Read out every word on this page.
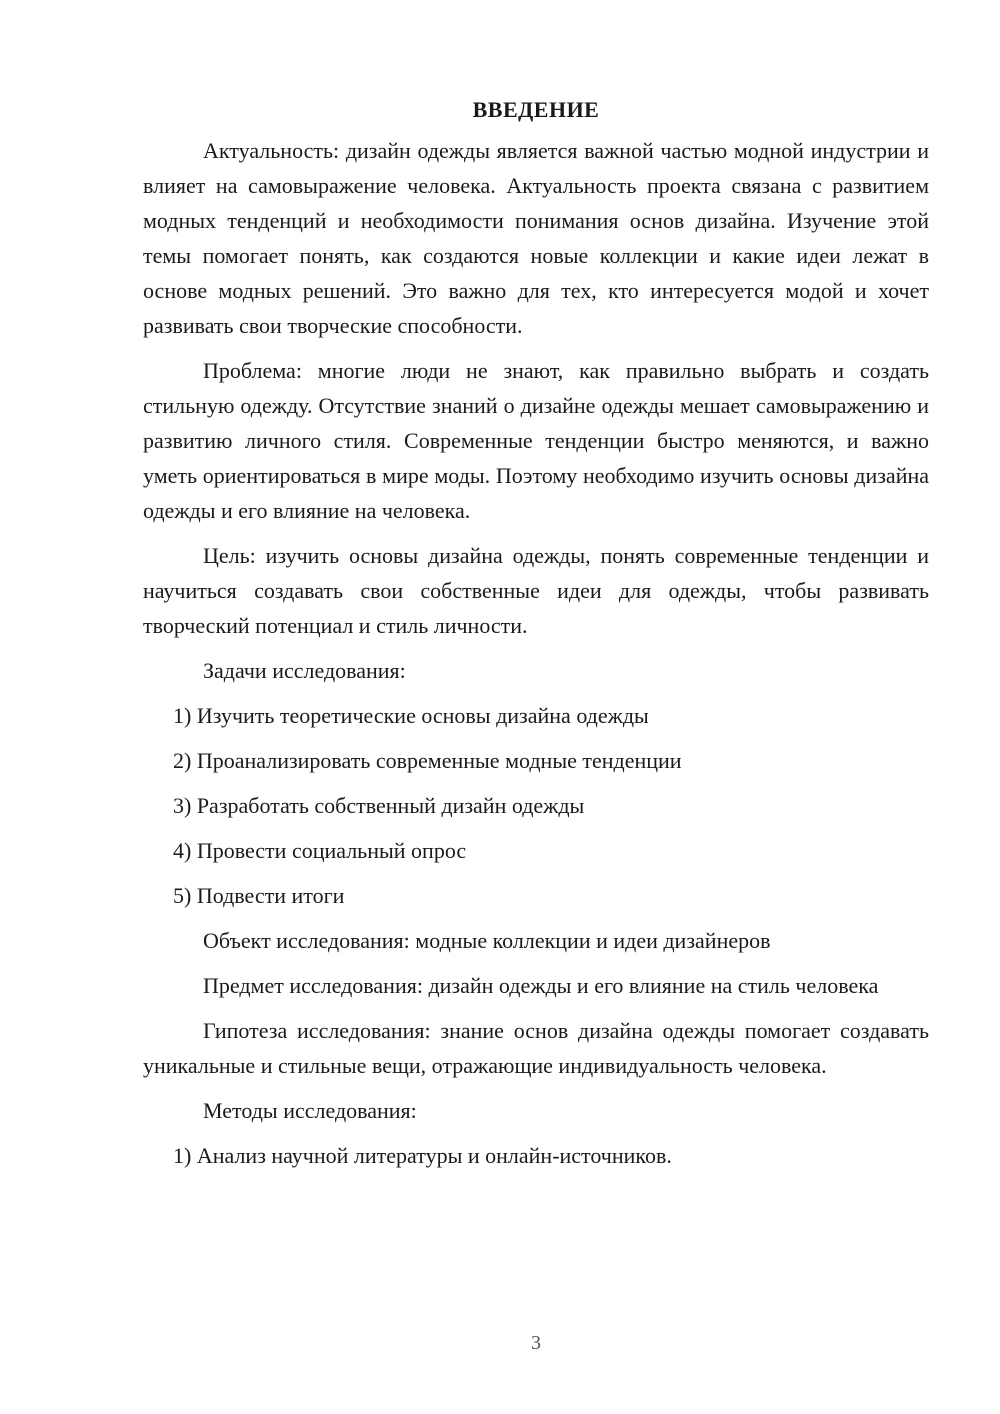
ВВЕДЕНИЕ

Актуальность: дизайн одежды является важной частью модной индустрии и влияет на самовыражение человека. Актуальность проекта связана с развитием модных тенденций и необходимости понимания основ дизайна. Изучение этой темы помогает понять, как создаются новые коллекции и какие идеи лежат в основе модных решений. Это важно для тех, кто интересуется модой и хочет развивать свои творческие способности.

Проблема: многие люди не знают, как правильно выбрать и создать стильную одежду. Отсутствие знаний о дизайне одежды мешает самовыражению и развитию личного стиля. Современные тенденции быстро меняются, и важно уметь ориентироваться в мире моды. Поэтому необходимо изучить основы дизайна одежды и его влияние на человека.

Цель: изучить основы дизайна одежды, понять современные тенденции и научиться создавать свои собственные идеи для одежды, чтобы развивать творческий потенциал и стиль личности.

Задачи исследования:
1) Изучить теоретические основы дизайна одежды
2) Проанализировать современные модные тенденции
3) Разработать собственный дизайн одежды
4) Провести социальный опрос
5) Подвести итоги

Объект исследования: модные коллекции и идеи дизайнеров

Предмет исследования: дизайн одежды и его влияние на стиль человека

Гипотеза исследования: знание основ дизайна одежды помогает создавать уникальные и стильные вещи, отражающие индивидуальность человека.

Методы исследования:
1) Анализ научной литературы и онлайн-источников.
3
